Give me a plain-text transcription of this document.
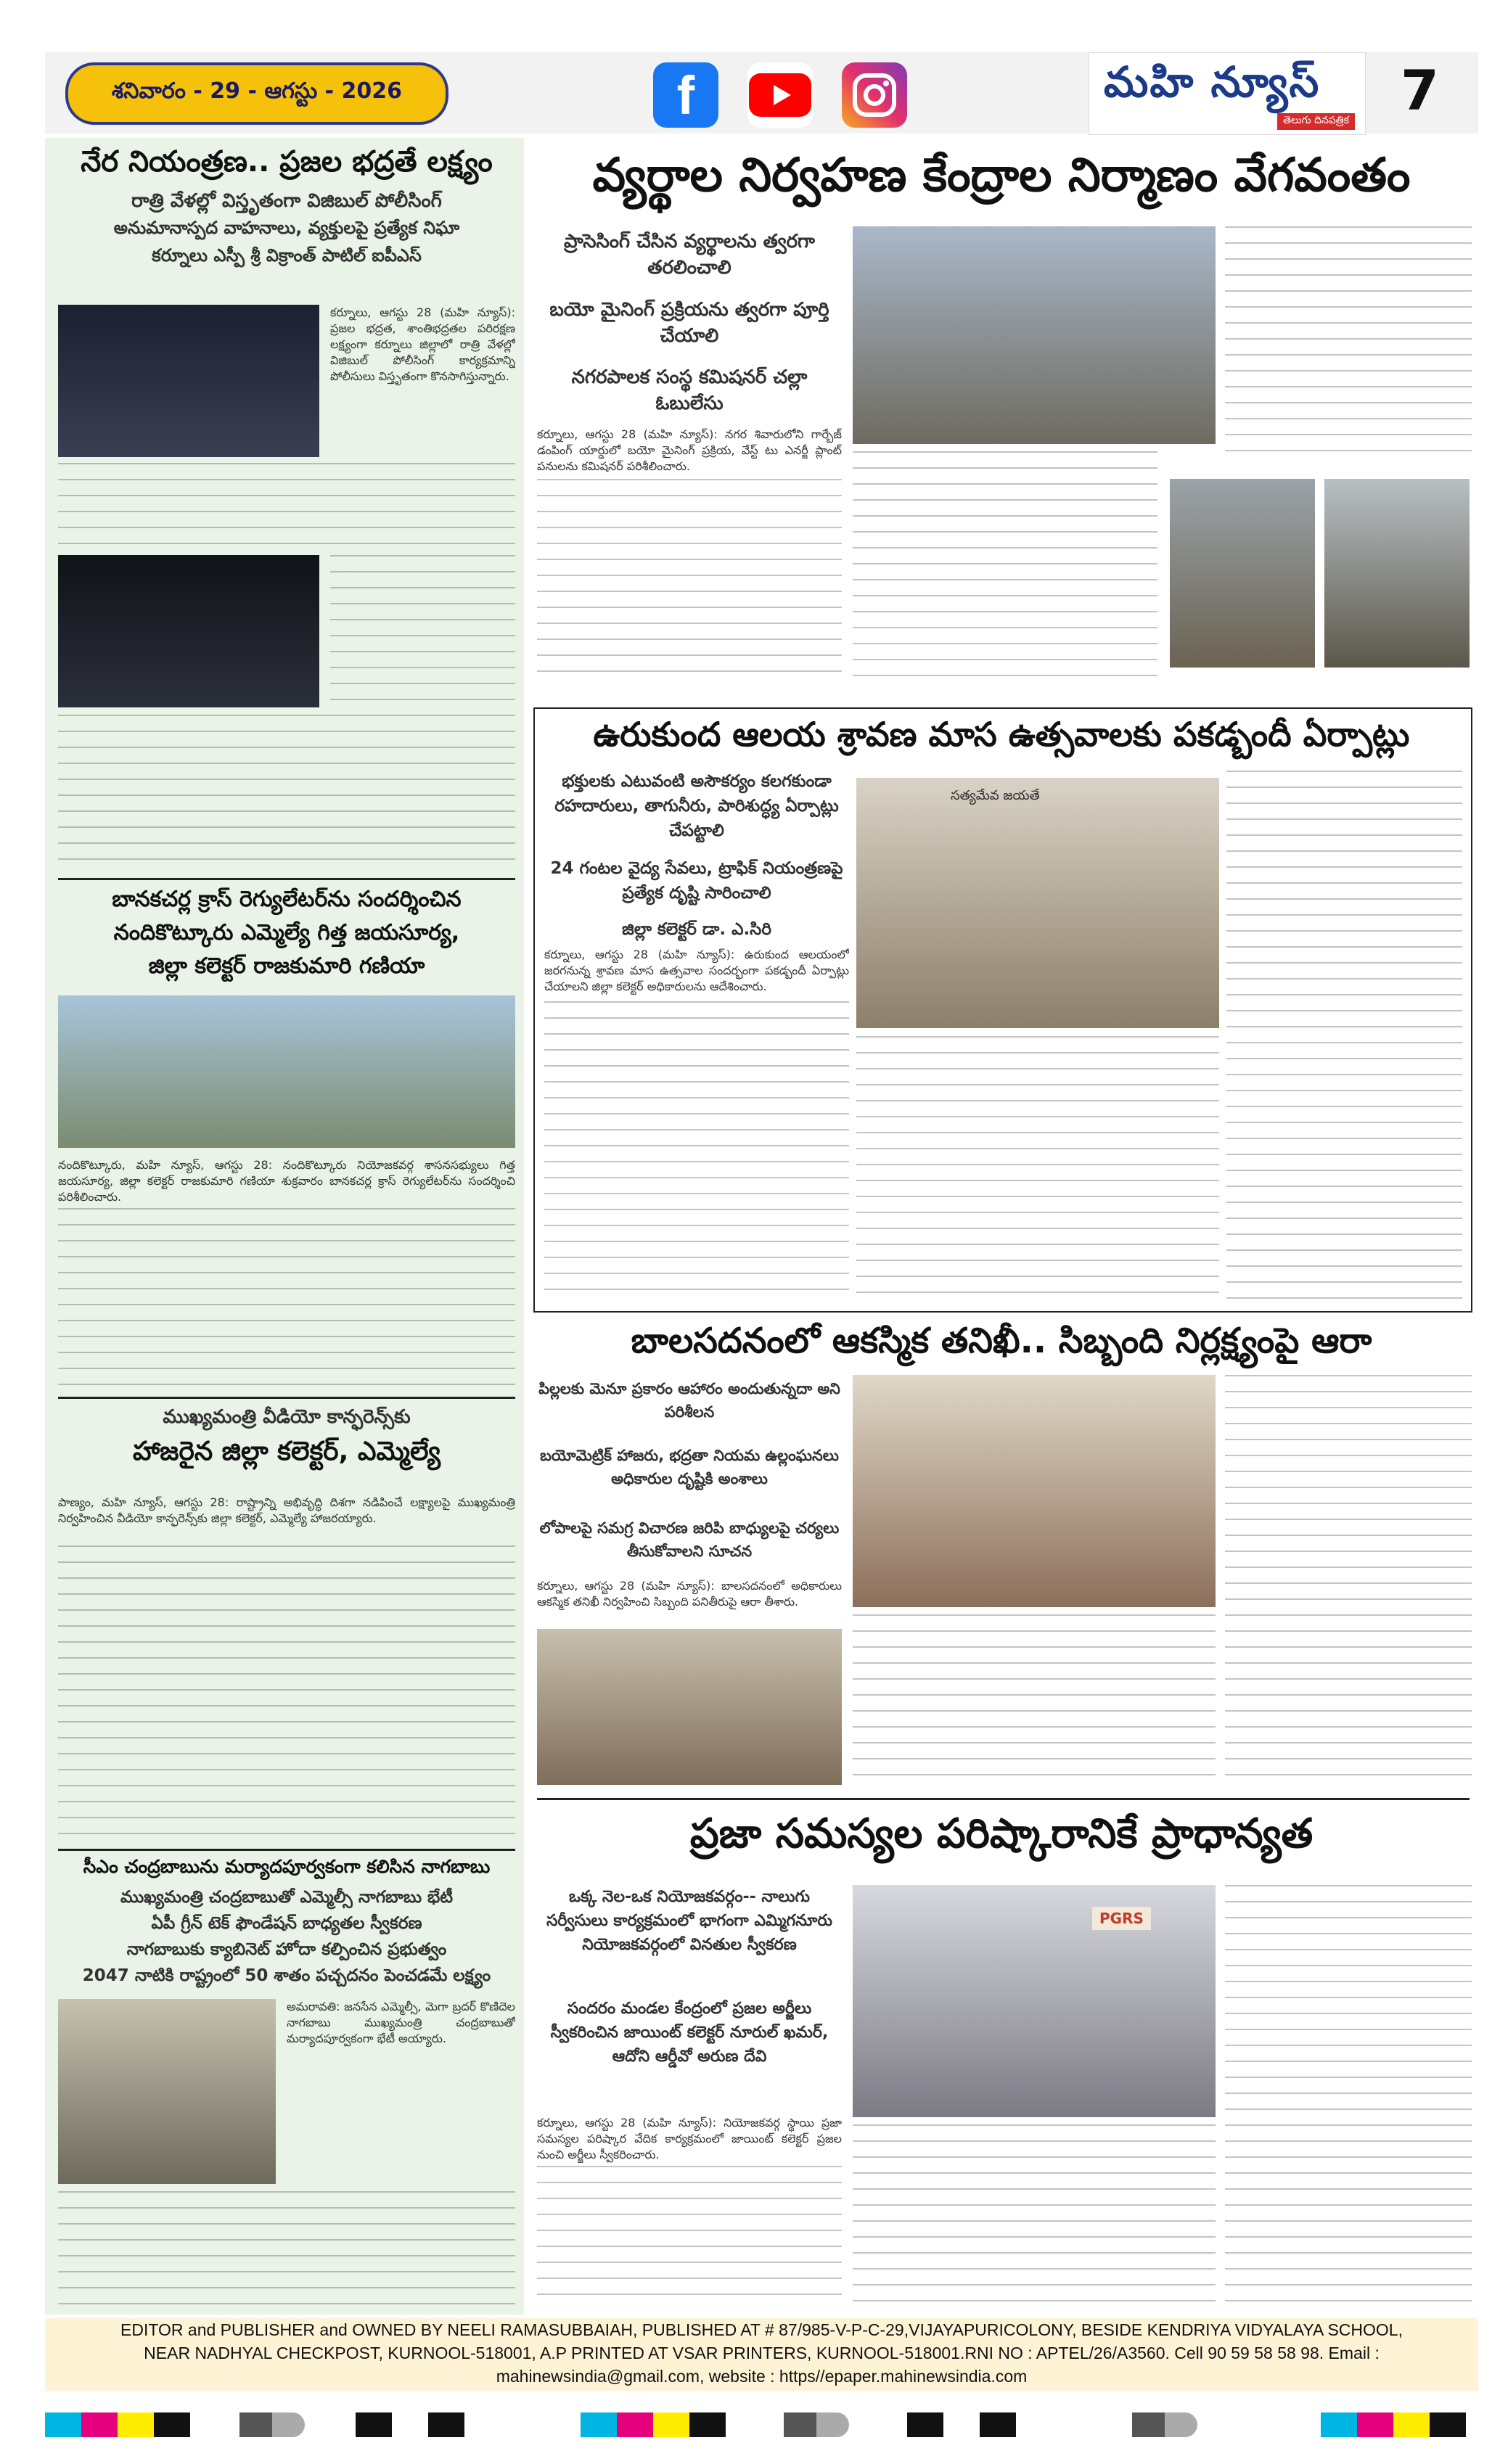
శనివారం - 29 - ఆగస్టు - 2026	f	మహి న్యూస్
తెలుగు దినపత్రిక 7
నేర నియంత్రణ.. ప్రజల భద్రతే లక్ష్యం
రాత్రి వేళల్లో విస్తృతంగా విజిబుల్ పోలీసింగ్
అనుమానాస్పద వాహనాలు, వ్యక్తులపై ప్రత్యేక నిఘా
కర్నూలు ఎస్పీ శ్రీ విక్రాంత్ పాటిల్ ఐపీఎస్
కర్నూలు, ఆగస్టు 28 (మహి న్యూస్): ప్రజల భద్రత, శాంతిభద్రతల పరిరక్షణ లక్ష్యంగా కర్నూలు జిల్లాలో రాత్రి వేళల్లో విజిబుల్ పోలీసింగ్ కార్యక్రమాన్ని పోలీసులు విస్తృతంగా కొనసాగిస్తున్నారు.
బానకచర్ల క్రాస్ రెగ్యులేటర్‌ను సందర్శించిన
నందికొట్కూరు ఎమ్మెల్యే గిత్త జయసూర్య,
జిల్లా కలెక్టర్ రాజకుమారి గణియా
నందికొట్కూరు, మహి న్యూస్, ఆగస్టు 28: నందికొట్కూరు నియోజకవర్గ శాసనసభ్యులు గిత్త జయసూర్య, జిల్లా కలెక్టర్ రాజకుమారి గణియా శుక్రవారం బానకచర్ల క్రాస్ రెగ్యులేటర్‌ను సందర్శించి పరిశీలించారు.
ముఖ్యమంత్రి వీడియో కాన్ఫరెన్స్‌కు
హాజరైన జిల్లా కలెక్టర్, ఎమ్మెల్యే
పాణ్యం, మహి న్యూస్, ఆగస్టు 28: రాష్ట్రాన్ని అభివృద్ధి దిశగా నడిపించే లక్ష్యాలపై ముఖ్యమంత్రి నిర్వహించిన వీడియో కాన్ఫరెన్స్‌కు జిల్లా కలెక్టర్, ఎమ్మెల్యే హాజరయ్యారు.
సీఎం చంద్రబాబును మర్యాదపూర్వకంగా కలిసిన నాగబాబు
ముఖ్యమంత్రి చంద్రబాబుతో ఎమ్మెల్సీ నాగబాబు భేటీ
ఏపీ గ్రీన్ టెక్ ఫౌండేషన్ బాధ్యతల స్వీకరణ
నాగబాబుకు క్యాబినెట్ హోదా కల్పించిన ప్రభుత్వం
2047 నాటికి రాష్ట్రంలో 50 శాతం పచ్చదనం పెంచడమే లక్ష్యం
అమరావతి: జనసేన ఎమ్మెల్సీ, మెగా బ్రదర్ కొణిదెల నాగబాబు ముఖ్యమంత్రి చంద్రబాబుతో మర్యాదపూర్వకంగా భేటీ అయ్యారు.
వ్యర్థాల నిర్వహణ కేంద్రాల నిర్మాణం వేగవంతం
ప్రాసెసింగ్ చేసిన వ్యర్థాలను త్వరగా తరలించాలి
బయో మైనింగ్ ప్రక్రియను త్వరగా పూర్తి చేయాలి
నగరపాలక సంస్థ కమిషనర్ చల్లా ఓబులేసు
కర్నూలు, ఆగస్టు 28 (మహి న్యూస్): నగర శివారులోని గార్బేజ్ డంపింగ్ యార్డులో బయో మైనింగ్ ప్రక్రియ, వేస్ట్ టు ఎనర్జీ ప్లాంట్ పనులను కమిషనర్ పరిశీలించారు.
ఉరుకుంద ఆలయ శ్రావణ మాస ఉత్సవాలకు పకడ్బందీ ఏర్పాట్లు
భక్తులకు ఎటువంటి అసౌకర్యం కలగకుండా రహదారులు, తాగునీరు, పారిశుద్ధ్య ఏర్పాట్లు చేపట్టాలి
24 గంటల వైద్య సేవలు, ట్రాఫిక్ నియంత్రణపై ప్రత్యేక దృష్టి సారించాలి
జిల్లా కలెక్టర్ డా. ఎ.సిరి
కర్నూలు, ఆగస్టు 28 (మహి న్యూస్): ఉరుకుంద ఆలయంలో జరగనున్న శ్రావణ మాస ఉత్సవాల సందర్భంగా పకడ్బందీ ఏర్పాట్లు చేయాలని జిల్లా కలెక్టర్ అధికారులను ఆదేశించారు.
సత్యమేవ జయతే
బాలసదనంలో ఆకస్మిక తనిఖీ.. సిబ్బంది నిర్లక్ష్యంపై ఆరా
పిల్లలకు మెనూ ప్రకారం ఆహారం అందుతున్నదా అని పరిశీలన
బయోమెట్రిక్ హాజరు, భద్రతా నియమ ఉల్లంఘనలు అధికారుల దృష్టికి అంశాలు
లోపాలపై సమగ్ర విచారణ జరిపి బాధ్యులపై చర్యలు తీసుకోవాలని సూచన
కర్నూలు, ఆగస్టు 28 (మహి న్యూస్): బాలసదనంలో అధికారులు ఆకస్మిక తనిఖీ నిర్వహించి సిబ్బంది పనితీరుపై ఆరా తీశారు.
ప్రజా సమస్యల పరిష్కారానికే ప్రాధాన్యత
ఒక్క నెల-ఒక నియోజకవర్గం-- నాలుగు సర్వీసులు కార్యక్రమంలో భాగంగా ఎమ్మిగనూరు నియోజకవర్గంలో వినతుల స్వీకరణ
సందరం మండల కేంద్రంలో ప్రజల అర్జీలు స్వీకరించిన జాయింట్ కలెక్టర్ నూరుల్ ఖమర్, ఆదోని ఆర్డీవో అరుణ దేవి
కర్నూలు, ఆగస్టు 28 (మహి న్యూస్): నియోజకవర్గ స్థాయి ప్రజా సమస్యల పరిష్కార వేదిక కార్యక్రమంలో జాయింట్ కలెక్టర్ ప్రజల నుంచి అర్జీలు స్వీకరించారు.
PGRS
EDITOR and PUBLISHER and OWNED BY NEELI RAMASUBBAIAH, PUBLISHED AT # 87/985-V-P-C-29,VIJAYAPURICOLONY, BESIDE KENDRIYA VIDYALAYA SCHOOL,
NEAR NADHYAL CHECKPOST, KURNOOL-518001, A.P PRINTED AT VSAR PRINTERS, KURNOOL-518001.RNI NO : APTEL/26/A3560. Cell 90 59 58 58 98. Email :
mahinewsindia@gmail.com, website : https//epaper.mahinewsindia.com
